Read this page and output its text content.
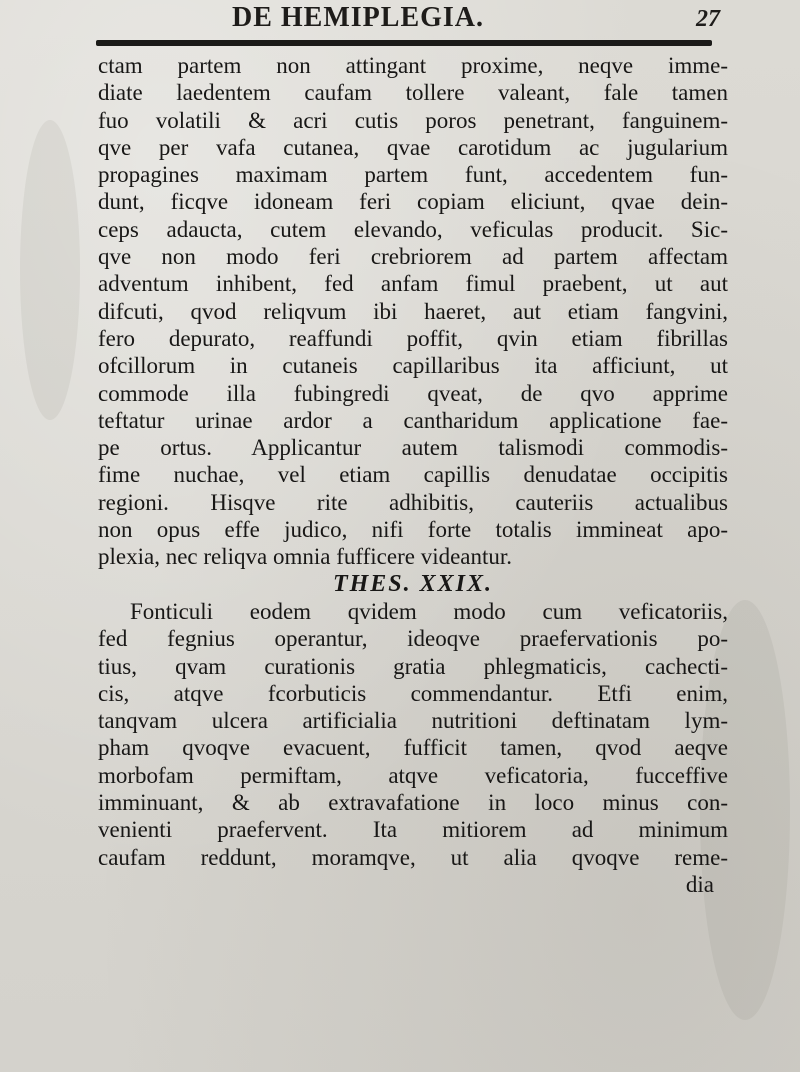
DE HEMIPLEGIA.	27
ctam partem non attingant proxime, neqve imme-
diate laedentem caufam tollere valeant, fale tamen
fuo volatili & acri cutis poros penetrant, fanguinem-
qve per vafa cutanea, qvae carotidum ac jugularium
propagines maximam partem funt, accedentem fun-
dunt, ficqve idoneam feri copiam eliciunt, qvae dein-
ceps adaucta, cutem elevando, veficulas producit. Sic-
qve non modo feri crebriorem ad partem affectam
adventum inhibent, fed anfam fimul praebent, ut aut
difcuti, qvod reliqvum ibi haeret, aut etiam fangvini,
fero depurato, reaffundi poffit, qvin etiam fibrillas
ofcillorum in cutaneis capillaribus ita afficiunt, ut
commode illa fubingredi qveat, de qvo apprime
teftatur urinae ardor a cantharidum applicatione fae-
pe ortus. Applicantur autem talismodi commodis-
fime nuchae, vel etiam capillis denudatae occipitis
regioni. Hisqve rite adhibitis, cauteriis actualibus
non opus effe judico, nifi forte totalis immineat apo-
plexia, nec reliqva omnia fufficere videantur.
THES. XXIX.
Fonticuli eodem qvidem modo cum veficatoriis,
fed fegnius operantur, ideoqve praefervationis po-
tius, qvam curationis gratia phlegmaticis, cachecti-
cis, atqve fcorbuticis commendantur. Etfi enim,
tanqvam ulcera artificialia nutritioni deftinatam lym-
pham qvoqve evacuent, fufficit tamen, qvod aeqve
morbofam permiftam, atqve veficatoria, fucceffive
imminuant, & ab extravafatione in loco minus con-
venienti praefervent. Ita mitiorem ad minimum
caufam reddunt, moramqve, ut alia qvoqve reme-
dia
